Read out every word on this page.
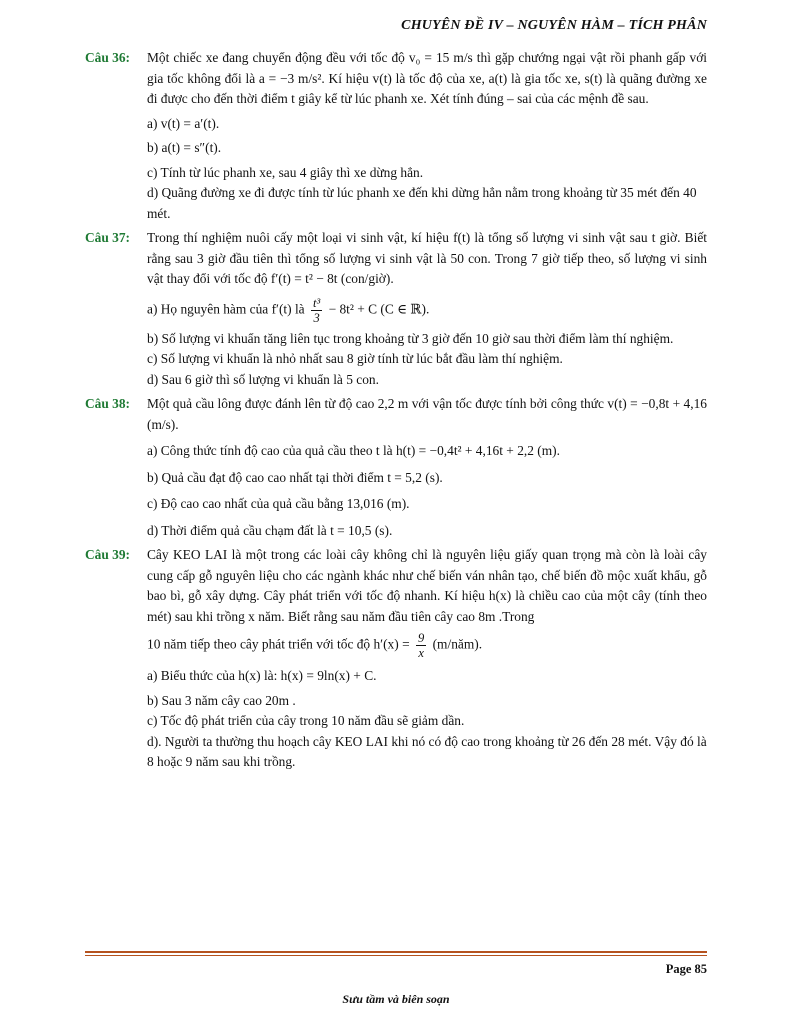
CHUYÊN ĐỀ IV – NGUYÊN HÀM – TÍCH PHÂN
Câu 36: Một chiếc xe đang chuyển động đều với tốc độ v₀ = 15 m/s thì gặp chướng ngại vật rồi phanh gấp với gia tốc không đổi là a = −3 m/s². Kí hiệu v(t) là tốc độ của xe, a(t) là gia tốc xe, s(t) là quãng đường xe đi được cho đến thời điểm t giây kể từ lúc phanh xe. Xét tính đúng – sai của các mệnh đề sau.

a) v(t) = a′(t).

b) a(t) = s″(t).

c) Tính từ lúc phanh xe, sau 4 giây thì xe dừng hẳn.

d) Quãng đường xe đi được tính từ lúc phanh xe đến khi dừng hẳn nằm trong khoảng từ 35 mét đến 40 mét.

Câu 37: Trong thí nghiệm nuôi cấy một loại vi sinh vật, kí hiệu f(t) là tổng số lượng vi sinh vật sau t giờ. Biết rằng sau 3 giờ đầu tiên thì tổng số lượng vi sinh vật là 50 con. Trong 7 giờ tiếp theo, số lượng vi sinh vật thay đổi với tốc độ f′(t) = t² − 8t (con/giờ).

a) Họ nguyên hàm của f′(t) là $\frac{\text{t³}}{3} - 8t^2 + C$ (C ∈ ℝ).

b) Số lượng vi khuẩn tăng liên tục trong khoảng từ 3 giờ đến 10 giờ sau thời điểm làm thí nghiệm.

c) Số lượng vi khuẩn là nhỏ nhất sau 8 giờ tính từ lúc bắt đầu làm thí nghiệm.

d) Sau 6 giờ thì số lượng vi khuẩn là 5 con.

Câu 38: Một quả cầu lông được đánh lên từ độ cao 2,2 m với vận tốc được tính bởi công thức v(t) = −0,8t + 4,16 (m/s).

a) Công thức tính độ cao của quả cầu theo t là h(t) = −0,4t² + 4,16t + 2,2 (m).

b) Quả cầu đạt độ cao cao nhất tại thời điểm t = 5,2 (s).

c) Độ cao cao nhất của quả cầu bằng 13,016 (m).

d) Thời điểm quả cầu chạm đất là t = 10,5 (s).

Câu 39: Cây KEO LAI là một trong các loài cây không chỉ là nguyên liệu giấy quan trọng mà còn là loài cây cung cấp gỗ nguyên liệu cho các ngành khác như chế biến ván nhân tạo, chế biến đồ mộc xuất khẩu, gỗ bao bì, gỗ xây dựng. Cây phát triển với tốc độ nhanh. Kí hiệu h(x) là chiều cao của một cây (tính theo mét) sau khi trồng x năm. Biết rằng sau năm đầu tiên cây cao 8m .Trong

10 năm tiếp theo cây phát triển với tốc độ $h'(x) = \frac{9}{x}$ (m/năm).

a) Biểu thức của h(x) là: h(x) = 9ln(x) + C.

b) Sau 3 năm cây cao 20m .

c) Tốc độ phát triển của cây trong 10 năm đầu sẽ giảm dần.

d). Người ta thường thu hoạch cây KEO LAI khi nó có độ cao trong khoảng từ 26 đến 28 mét. Vậy đó là 8 hoặc 9 năm sau khi trồng.

Page 85
Sưu tầm và biên soạn
